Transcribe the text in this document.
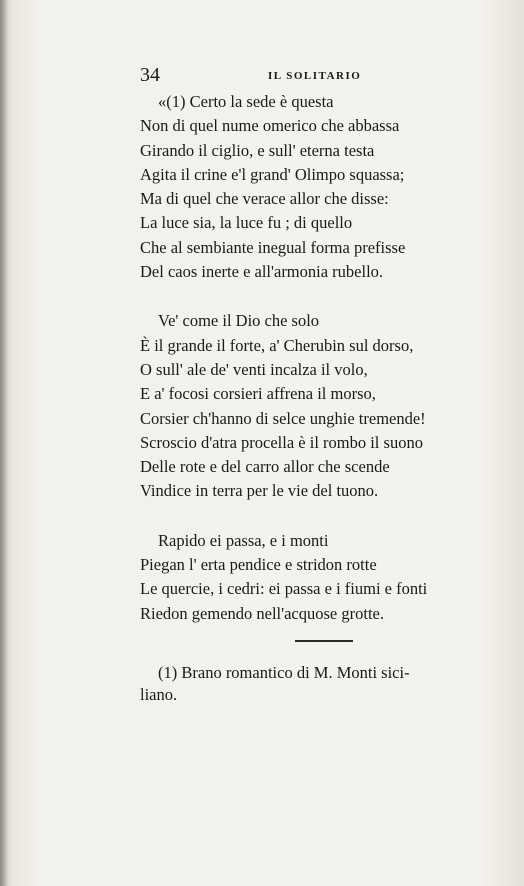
34	IL SOLITARIO
«(1) Certo la sede è questa
Non di quel nume omerico che abbassa
Girando il ciglio, e sull' eterna testa
Agita il crine e'l grand' Olimpo squassa;
Ma di quel che verace allor che disse:
La luce sia, la luce fu ; di quello
Che al sembiante inegual forma prefisse
Del caos inerte e all'armonia rubello.
Ve' come il Dio che solo
È il grande il forte, a' Cherubin sul dorso,
O sull' ale de' venti incalza il volo,
E a' focosi corsieri affrena il morso,
Corsier ch'hanno di selce unghie tremende!
Scroscio d'atra procella è il rombo il suono
Delle rote e del carro allor che scende
Vindice in terra per le vie del tuono.
Rapido ei passa, e i monti
Piegan l' erta pendice e stridon rotte
Le quercie, i cedri: ei passa e i fiumi e fonti
Riedon gemendo nell'acquose grotte.
(1) Brano romantico di M. Monti sici-
liano.
